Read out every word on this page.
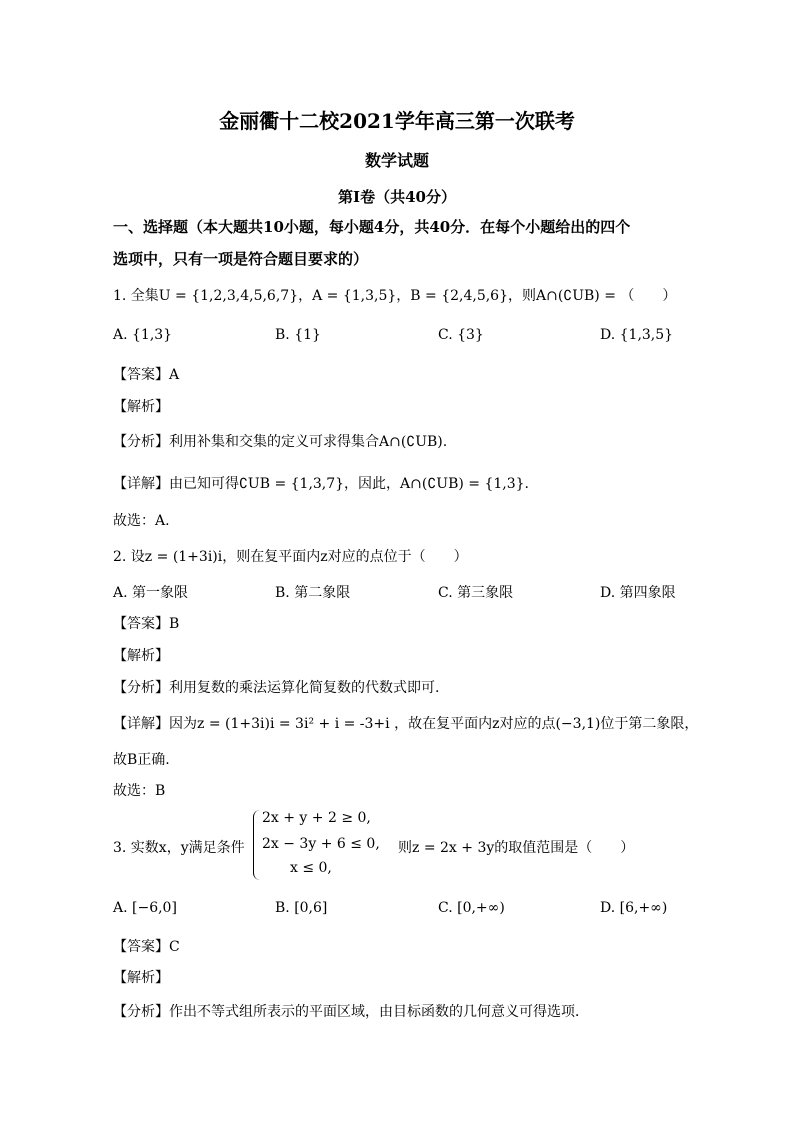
金丽衢十二校2021学年高三第一次联考
数学试题
第I卷（共40分）
一、选择题（本大题共10小题，每小题4分，共40分．在每个小题给出的四个
选项中，只有一项是符合题目要求的）
1. 全集U = {1,2,3,4,5,6,7}，A = {1,3,5}，B = {2,4,5,6}，则A∩(∁UB) = （　　）
A. {1,3}	B. {1}	C. {3}	D. {1,3,5}
【答案】A
【解析】
【分析】利用补集和交集的定义可求得集合A∩(∁UB).
【详解】由已知可得∁UB = {1,3,7}，因此，A∩(∁UB) = {1,3}.
故选：A.
2. 设z = (1+3i)i，则在复平面内z对应的点位于（　　）
A. 第一象限	B. 第二象限	C. 第三象限	D. 第四象限
【答案】B
【解析】
【分析】利用复数的乘法运算化简复数的代数式即可.
【详解】因为z = (1+3i)i = 3i² + i = -3+i ，故在复平面内z对应的点(−3,1)位于第二象限，
故B正确.
故选：B
3. 实数x，y满足条件
2x + y + 2 ≥ 0,
2x − 3y + 6 ≤ 0,
x ≤ 0,
则z = 2x + 3y的取值范围是（　　）
A. [−6,0]	B. [0,6]	C. [0,+∞)	D. [6,+∞)
【答案】C
【解析】
【分析】作出不等式组所表示的平面区域，由目标函数的几何意义可得选项．
